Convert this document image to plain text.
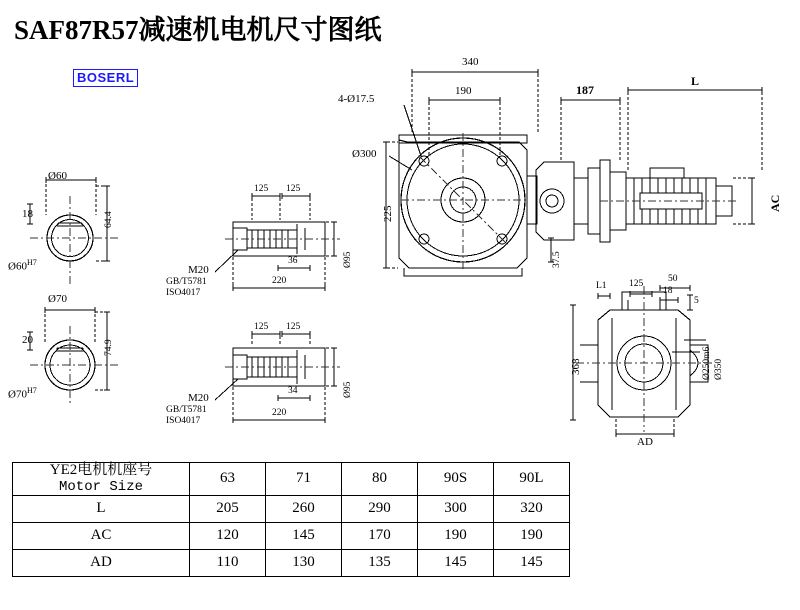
SAF87R57减速机电机尺寸图纸
BOSERL
340
190	187
L
4-Ø17.5
Ø300
225
37.5
AC
Ø60
64.4
18
$Ø60^{H7}$
Ø70
74.9
20
$Ø70^{H7}$
125 125
M20
GB/T5781
ISO4017
36
220
Ø95
125 125
M20
GB/T5781
ISO4017
34
220
Ø95
L1 125	50
18
5
368	Ø250m6 Ø350
AD
YE2电机机座号
Motor Size	63	71	80	90S	90L
L	205	260	290	300	320
AC	120	145	170	190	190
AD	110	130	135	145	145
